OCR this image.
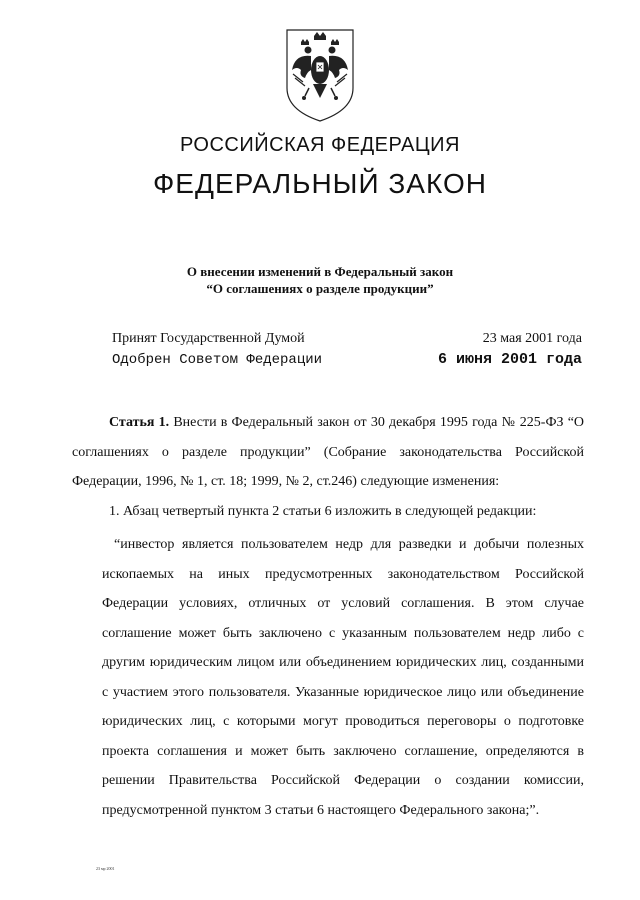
РОССИЙСКАЯ ФЕДЕРАЦИЯ
ФЕДЕРАЛЬНЫЙ ЗАКОН
О внесении изменений в Федеральный закон
“О соглашениях о разделе продукции”
Принят Государственной Думой	23 мая 2001 года
Одобрен Советом Федерации	6 июня 2001 года

Статья 1. Внести в Федеральный закон от 30 декабря 1995 года № 225-ФЗ “О соглашениях о разделе продукции” (Собрание законодательства Российской Федерации, 1996, № 1, ст. 18; 1999, № 2, ст.246) следующие изменения:

1. Абзац четвертый пункта 2 статьи 6 изложить в следующей редакции:

“инвестор является пользователем недр для разведки и добычи полезных ископаемых на иных предусмотренных законодательством Российской Федерации условиях, отличных от условий соглашения. В этом случае соглашение может быть заключено с указанным пользователем недр либо с другим юридическим лицом или объединением юридических лиц, созданными с участием этого пользователя. Указанные юридическое лицо или объединение юридических лиц, с которыми могут проводиться переговоры о подготовке проекта соглашения и может быть заключено соглашение, определяются в решении Правительства Российской Федерации о создании комиссии, предусмотренной пунктом 3 статьи 6 настоящего Федерального закона;”.

23 мр 2001
